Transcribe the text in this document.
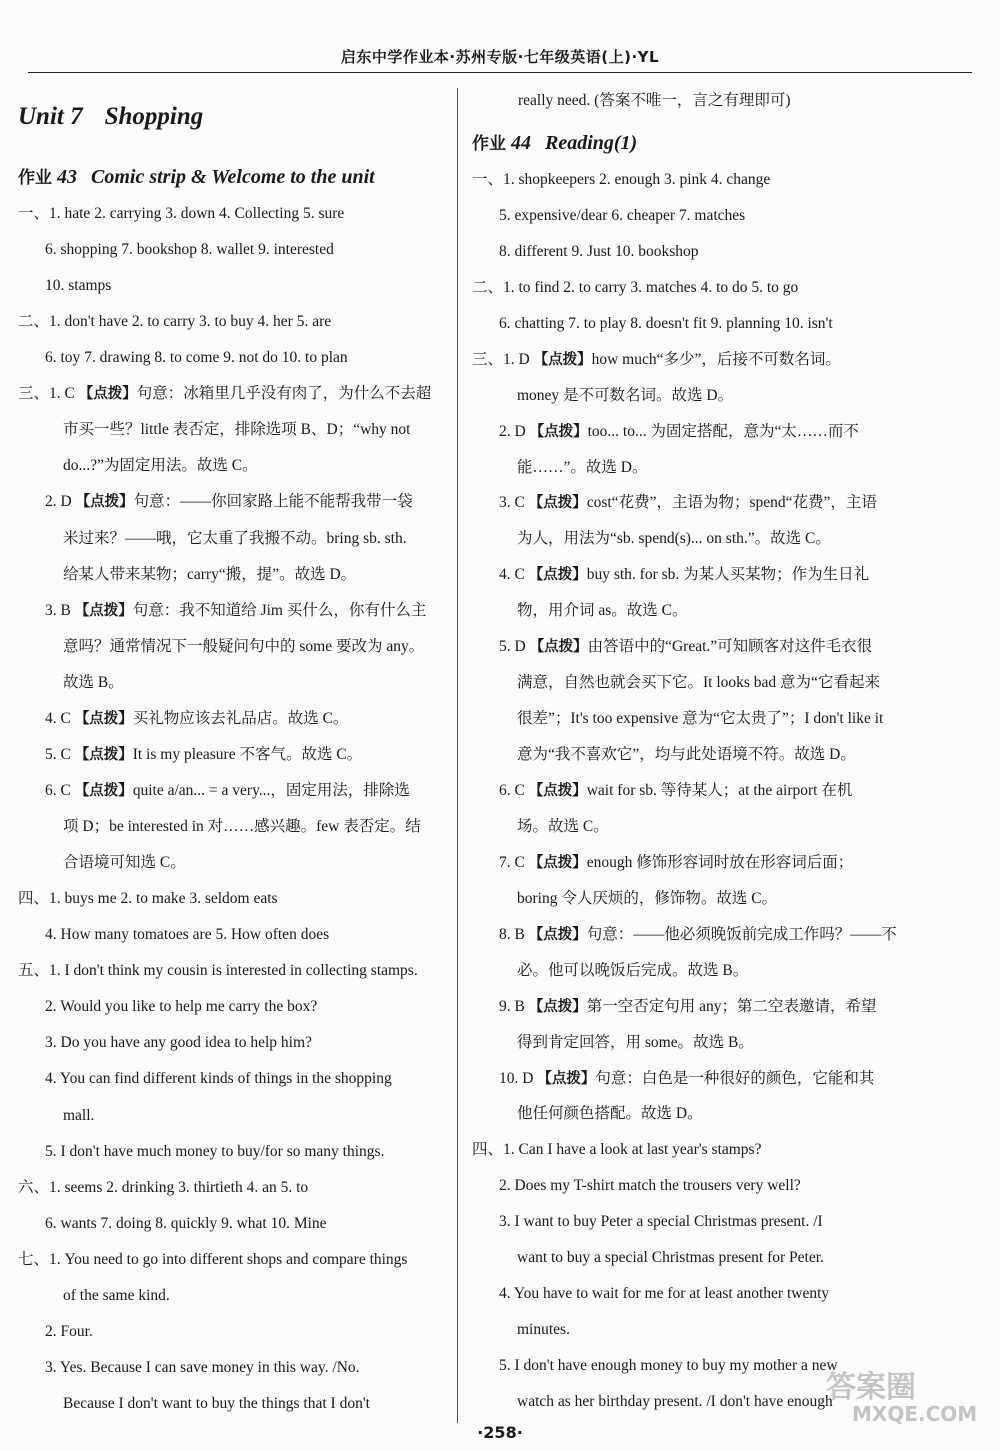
启东中学作业本·苏州专版·七年级英语(上)·YL
Unit 7 Shopping
作业 43 Comic strip & Welcome to the unit
一、1. hate 2. carrying 3. down 4. Collecting 5. sure
6. shopping 7. bookshop 8. wallet 9. interested
10. stamps
二、1. don't have 2. to carry 3. to buy 4. her 5. are
6. toy 7. drawing 8. to come 9. not do 10. to plan
三、1. C 【点拨】句意：冰箱里几乎没有肉了，为什么不去超
市买一些？little 表否定，排除选项 B、D；“why not
do...?”为固定用法。故选 C。
2. D 【点拨】句意：——你回家路上能不能帮我带一袋
米过来？——哦，它太重了我搬不动。bring sb. sth.
给某人带来某物；carry“搬，提”。故选 D。
3. B 【点拨】句意：我不知道给 Jim 买什么，你有什么主
意吗？通常情况下一般疑问句中的 some 要改为 any。
故选 B。
4. C 【点拨】买礼物应该去礼品店。故选 C。
5. C 【点拨】It is my pleasure 不客气。故选 C。
6. C 【点拨】quite a/an... = a very...，固定用法，排除选
项 D；be interested in 对……感兴趣。few 表否定。结
合语境可知选 C。
四、1. buys me 2. to make 3. seldom eats
4. How many tomatoes are 5. How often does
五、1. I don't think my cousin is interested in collecting stamps.
2. Would you like to help me carry the box?
3. Do you have any good idea to help him?
4. You can find different kinds of things in the shopping
mall.
5. I don't have much money to buy/for so many things.
六、1. seems 2. drinking 3. thirtieth 4. an 5. to
6. wants 7. doing 8. quickly 9. what 10. Mine
七、1. You need to go into different shops and compare things
of the same kind.
2. Four.
3. Yes. Because I can save money in this way. /No.
Because I don't want to buy the things that I don't
really need. (答案不唯一，言之有理即可)
作业 44 Reading(1)
一、1. shopkeepers 2. enough 3. pink 4. change
5. expensive/dear 6. cheaper 7. matches
8. different 9. Just 10. bookshop
二、1. to find 2. to carry 3. matches 4. to do 5. to go
6. chatting 7. to play 8. doesn't fit 9. planning 10. isn't
三、1. D 【点拨】how much“多少”，后接不可数名词。
money 是不可数名词。故选 D。
2. D 【点拨】too... to... 为固定搭配，意为“太……而不
能……”。故选 D。
3. C 【点拨】cost“花费”，主语为物；spend“花费”，主语
为人，用法为“sb. spend(s)... on sth.”。故选 C。
4. C 【点拨】buy sth. for sb. 为某人买某物；作为生日礼
物，用介词 as。故选 C。
5. D 【点拨】由答语中的“Great.”可知顾客对这件毛衣很
满意，自然也就会买下它。It looks bad 意为“它看起来
很差”；It's too expensive 意为“它太贵了”；I don't like it
意为“我不喜欢它”，均与此处语境不符。故选 D。
6. C 【点拨】wait for sb. 等待某人；at the airport 在机
场。故选 C。
7. C 【点拨】enough 修饰形容词时放在形容词后面；
boring 令人厌烦的，修饰物。故选 C。
8. B 【点拨】句意：——他必须晚饭前完成工作吗？——不
必。他可以晚饭后完成。故选 B。
9. B 【点拨】第一空否定句用 any；第二空表邀请，希望
得到肯定回答，用 some。故选 B。
10. D 【点拨】句意：白色是一种很好的颜色，它能和其
他任何颜色搭配。故选 D。
四、1. Can I have a look at last year's stamps?
2. Does my T-shirt match the trousers very well?
3. I want to buy Peter a special Christmas present. /I
want to buy a special Christmas present for Peter.
4. You have to wait for me for at least another twenty
minutes.
5. I don't have enough money to buy my mother a new
watch as her birthday present. /I don't have enough
·258·
答案圈
MXQE.COM
